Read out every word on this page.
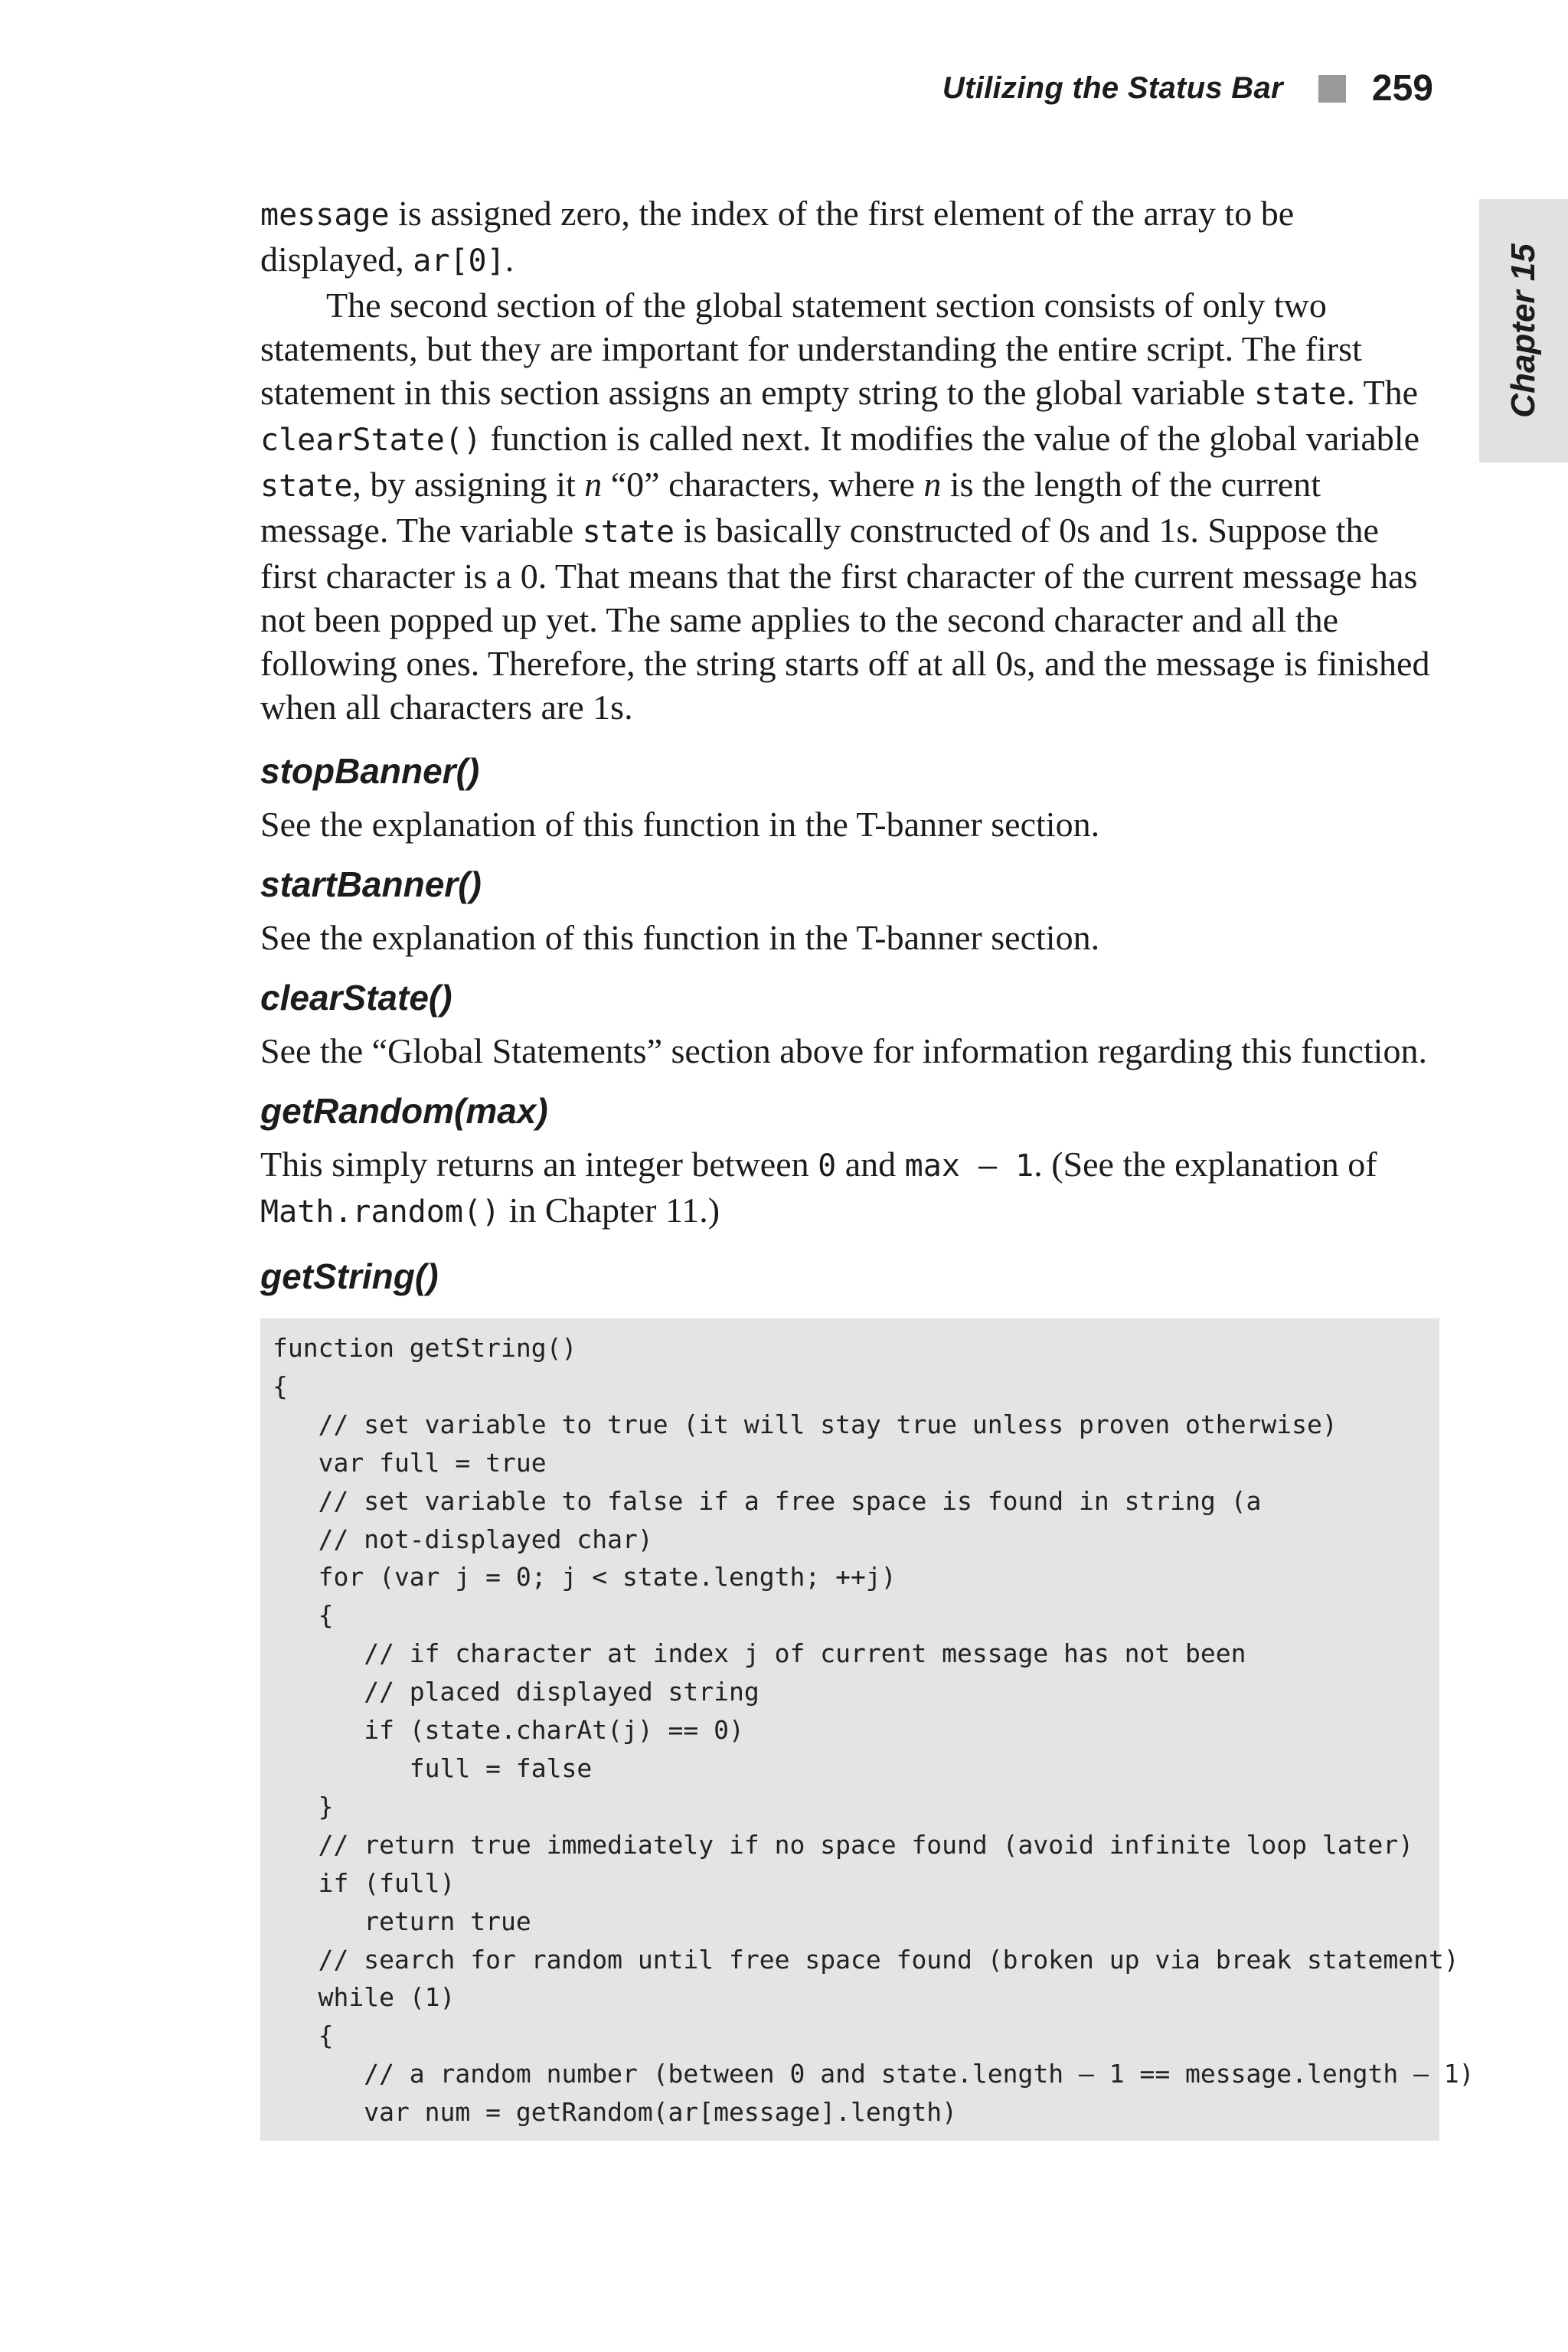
Utilizing the Status Bar 259
Chapter 15

message is assigned zero, the index of the first element of the array to be displayed, ar[0].

The second section of the global statement section consists of only two statements, but they are important for understanding the entire script. The first statement in this section assigns an empty string to the global variable state. The clearState() function is called next. It modifies the value of the global variable state, by assigning it n “0” characters, where n is the length of the current message. The variable state is basically constructed of 0s and 1s. Suppose the first character is a 0. That means that the first character of the current message has not been popped up yet. The same applies to the second character and all the following ones. Therefore, the string starts off at all 0s, and the message is finished when all characters are 1s.

stopBanner()

See the explanation of this function in the T-banner section.

startBanner()

See the explanation of this function in the T-banner section.

clearState()

See the “Global Statements” section above for information regarding this function.

getRandom(max)

This simply returns an integer between 0 and max – 1. (See the explanation of Math.random() in Chapter 11.)

getString()
function getString()
{
// set variable to true (it will stay true unless proven otherwise)
var full = true
// set variable to false if a free space is found in string (a
// not-displayed char)
for (var j = 0; j < state.length; ++j)
{
// if character at index j of current message has not been
// placed displayed string
if (state.charAt(j) == 0)
full = false
}
// return true immediately if no space found (avoid infinite loop later)
if (full)
return true
// search for random until free space found (broken up via break statement)
while (1)
{
// a random number (between 0 and state.length – 1 == message.length – 1)
var num = getRandom(ar[message].length)
